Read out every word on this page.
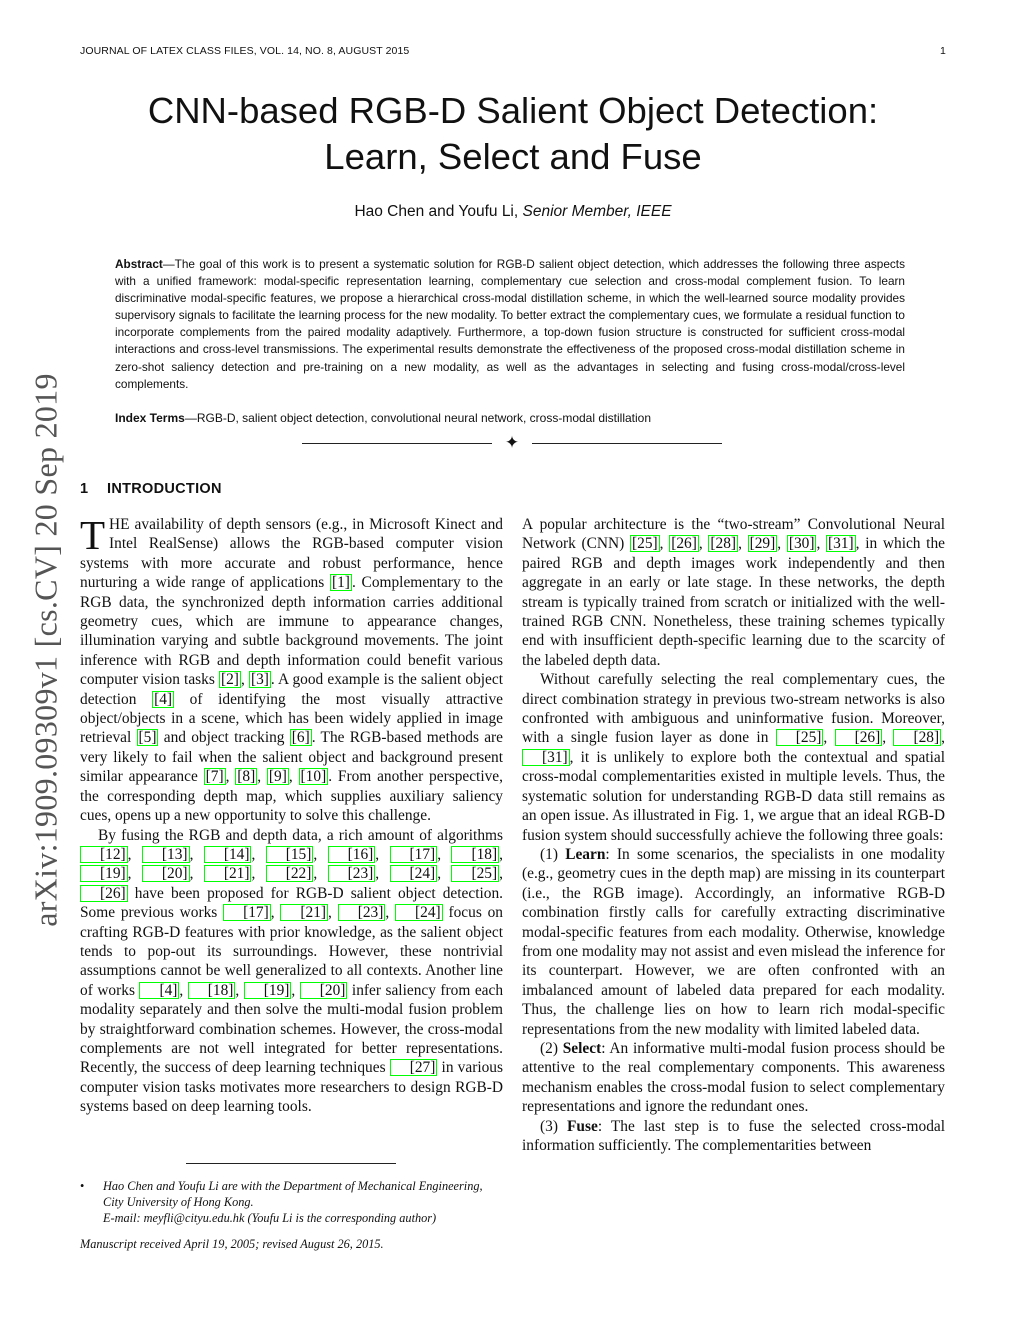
JOURNAL OF LATEX CLASS FILES, VOL. 14, NO. 8, AUGUST 2015	1
arXiv:1909.09309v1 [cs.CV] 20 Sep 2019
CNN-based RGB-D Salient Object Detection:
Learn, Select and Fuse
Hao Chen and Youfu Li, Senior Member, IEEE
Abstract—The goal of this work is to present a systematic solution for RGB-D salient object detection, which addresses the following three aspects with a unified framework: modal-specific representation learning, complementary cue selection and cross-modal complement fusion. To learn discriminative modal-specific features, we propose a hierarchical cross-modal distillation scheme, in which the well-learned source modality provides supervisory signals to facilitate the learning process for the new modality. To better extract the complementary cues, we formulate a residual function to incorporate complements from the paired modality adaptively. Furthermore, a top-down fusion structure is constructed for sufficient cross-modal interactions and cross-level transmissions. The experimental results demonstrate the effectiveness of the proposed cross-modal distillation scheme in zero-shot saliency detection and pre-training on a new modality, as well as the advantages in selecting and fusing cross-modal/cross-level complements.
Index Terms—RGB-D, salient object detection, convolutional neural network, cross-modal distillation
✦
1 INTRODUCTION

THE availability of depth sensors (e.g., in Microsoft Kinect and Intel RealSense) allows the RGB-based computer vision systems with more accurate and robust performance, hence nurturing a wide range of applications [1] . Complementary to the RGB data, the synchronized depth information carries additional geometry cues, which are immune to appearance changes, illumination varying and subtle background movements. The joint inference with RGB and depth information could benefit various computer vision tasks [2] , [3] . A good example is the salient object detection [4] of identifying the most visually attractive object/objects in a scene, which has been widely applied in image retrieval [5] and object tracking [6] . The RGB-based methods are very likely to fail when the salient object and background present similar appearance [7] , [8] , [9] , [10] . From another perspective, the corresponding depth map, which supplies auxiliary saliency cues, opens up a new opportunity to solve this challenge.

By fusing the RGB and depth data, a rich amount of algorithms [12] , [13] , [14] , [15] , [16] , [17] , [18] , [19] , [20] , [21] , [22] , [23] , [24] , [25] , [26] have been proposed for RGB-D salient object detection. Some previous works [17] , [21] , [23] , [24] focus on crafting RGB-D features with prior knowledge, as the salient object tends to pop-out its surroundings. However, these nontrivial assumptions cannot be well generalized to all contexts. Another line of works [4] , [18] , [19] , [20] infer saliency from each modality separately and then solve the multi-modal fusion problem by straightforward combination schemes. However, the cross-modal complements are not well integrated for better representations. Recently, the success of deep learning techniques [27] in various computer vision tasks motivates more researchers to design RGB-D systems based on deep learning tools.

A popular architecture is the “two-stream” Convolutional Neural Network (CNN) [25] , [26] , [28] , [29] , [30] , [31] , in which the paired RGB and depth images work independently and then aggregate in an early or late stage. In these networks, the depth stream is typically trained from scratch or initialized with the well-trained RGB CNN. Nonetheless, these training schemes typically end with insufficient depth-specific learning due to the scarcity of the labeled depth data.

Without carefully selecting the real complementary cues, the direct combination strategy in previous two-stream networks is also confronted with ambiguous and uninformative fusion. Moreover, with a single fusion layer as done in [25] , [26] , [28] , [31] , it is unlikely to explore both the contextual and spatial cross-modal complementarities existed in multiple levels. Thus, the systematic solution for understanding RGB-D data still remains as an open issue. As illustrated in Fig. 1, we argue that an ideal RGB-D fusion system should successfully achieve the following three goals:

(1) Learn: In some scenarios, the specialists in one modality (e.g., geometry cues in the depth map) are missing in its counterpart (i.e., the RGB image). Accordingly, an informative RGB-D combination firstly calls for carefully extracting discriminative modal-specific features from each modality. Otherwise, knowledge from one modality may not assist and even mislead the inference for its counterpart. However, we are often confronted with an imbalanced amount of labeled data prepared for each modality. Thus, the challenge lies on how to learn rich modal-specific representations from the new modality with limited labeled data.

(2) Select: An informative multi-modal fusion process should be attentive to the real complementary components. This awareness mechanism enables the cross-modal fusion to select complementary representations and ignore the redundant ones.

(3) Fuse: The last step is to fuse the selected cross-modal information sufficiently. The complementarities between

• Hao Chen and Youfu Li are with the Department of Mechanical Engineering, City University of Hong Kong.
E-mail: meyfli@cityu.edu.hk (Youfu Li is the corresponding author)
Manuscript received April 19, 2005; revised August 26, 2015.
